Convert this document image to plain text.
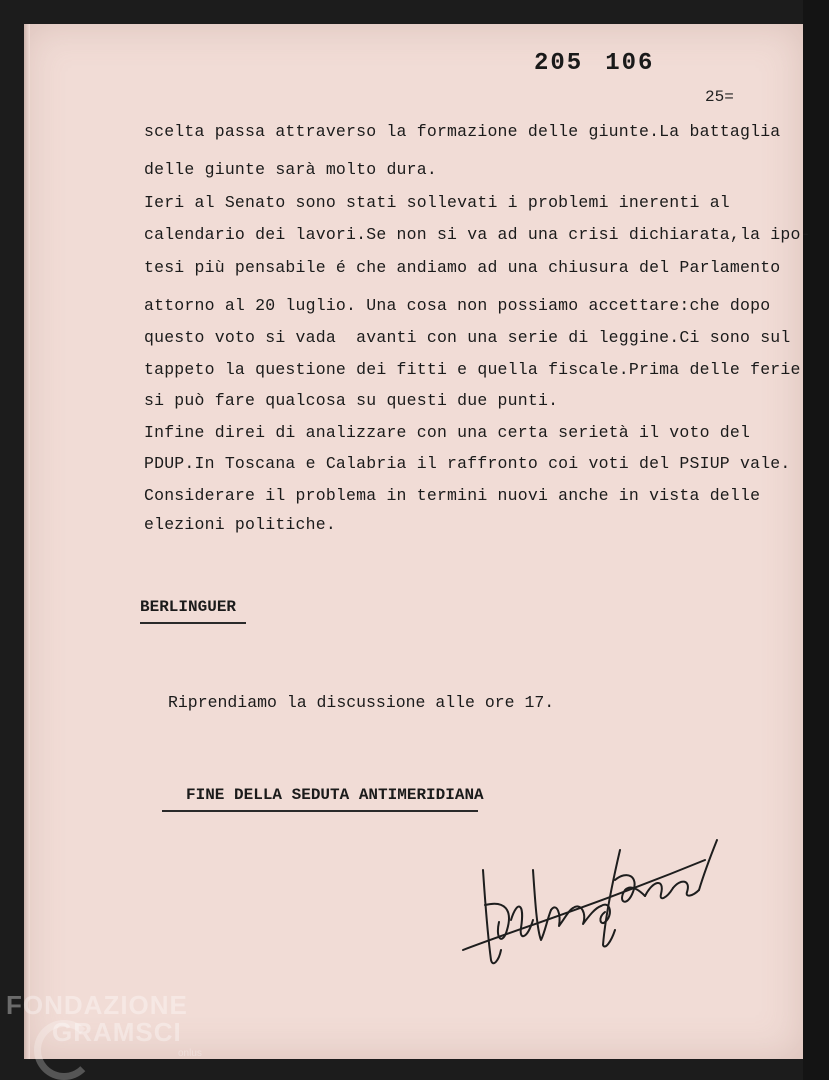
205 106
25=
scelta passa attraverso la formazione delle giunte.La battaglia
delle giunte sarà molto dura.
Ieri al Senato sono stati sollevati i problemi inerenti al
calendario dei lavori.Se non si va ad una crisi dichiarata,la ipo-
tesi più pensabile é che andiamo ad una chiusura del Parlamento
attorno al 20 luglio. Una cosa non possiamo accettare:che dopo
questo voto si vada  avanti con una serie di leggine.Ci sono sul
tappeto la questione dei fitti e quella fiscale.Prima delle ferie
si può fare qualcosa su questi due punti.
Infine direi di analizzare con una certa serietà il voto del
PDUP.In Toscana e Calabria il raffronto coi voti del PSIUP vale.
Considerare il problema in termini nuovi anche in vista delle
elezioni politiche.
BERLINGUER
Riprendiamo la discussione alle ore 17.
FINE DELLA SEDUTA ANTIMERIDIANA
FONDAZIONE
GRAMSCI
onlus
